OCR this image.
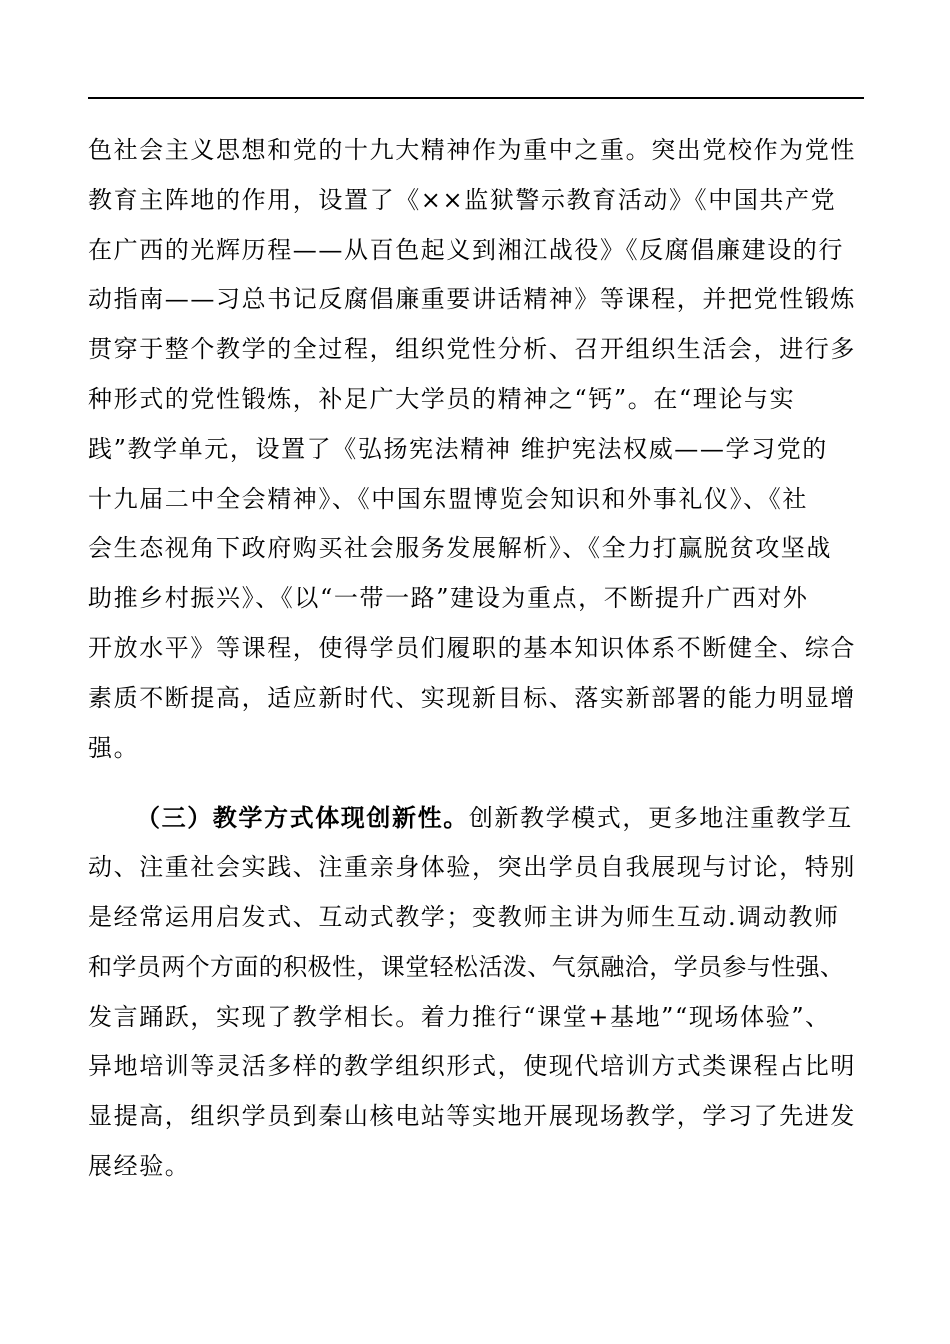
色社会主义思想和党的十九大精神作为重中之重。突出党校作为党性
教育主阵地的作用，设置了《××监狱警示教育活动》《中国共产党
在广西的光辉历程——从百色起义到湘江战役》《反腐倡廉建设的行
动指南——习总书记反腐倡廉重要讲话精神》等课程，并把党性锻炼
贯穿于整个教学的全过程，组织党性分析、召开组织生活会，进行多
种形式的党性锻炼，补足广大学员的精神之“钙”。在“理论与实
践”教学单元，设置了《弘扬宪法精神 维护宪法权威——学习党的
十九届二中全会精神》、《中国东盟博览会知识和外事礼仪》、《社
会生态视角下政府购买社会服务发展解析》、《全力打赢脱贫攻坚战
助推乡村振兴》、《以“一带一路”建设为重点，不断提升广西对外
开放水平》等课程，使得学员们履职的基本知识体系不断健全、综合
素质不断提高，适应新时代、实现新目标、落实新部署的能力明显增
强。
（三）教学方式体现创新性。创新教学模式，更多地注重教学互
动、注重社会实践、注重亲身体验，突出学员自我展现与讨论，特别
是经常运用启发式、互动式教学；变教师主讲为师生互动.调动教师
和学员两个方面的积极性，课堂轻松活泼、气氛融洽，学员参与性强、
发言踊跃，实现了教学相长。着力推行“课堂+基地”“现场体验”、
异地培训等灵活多样的教学组织形式，使现代培训方式类课程占比明
显提高，组织学员到秦山核电站等实地开展现场教学，学习了先进发
展经验。
